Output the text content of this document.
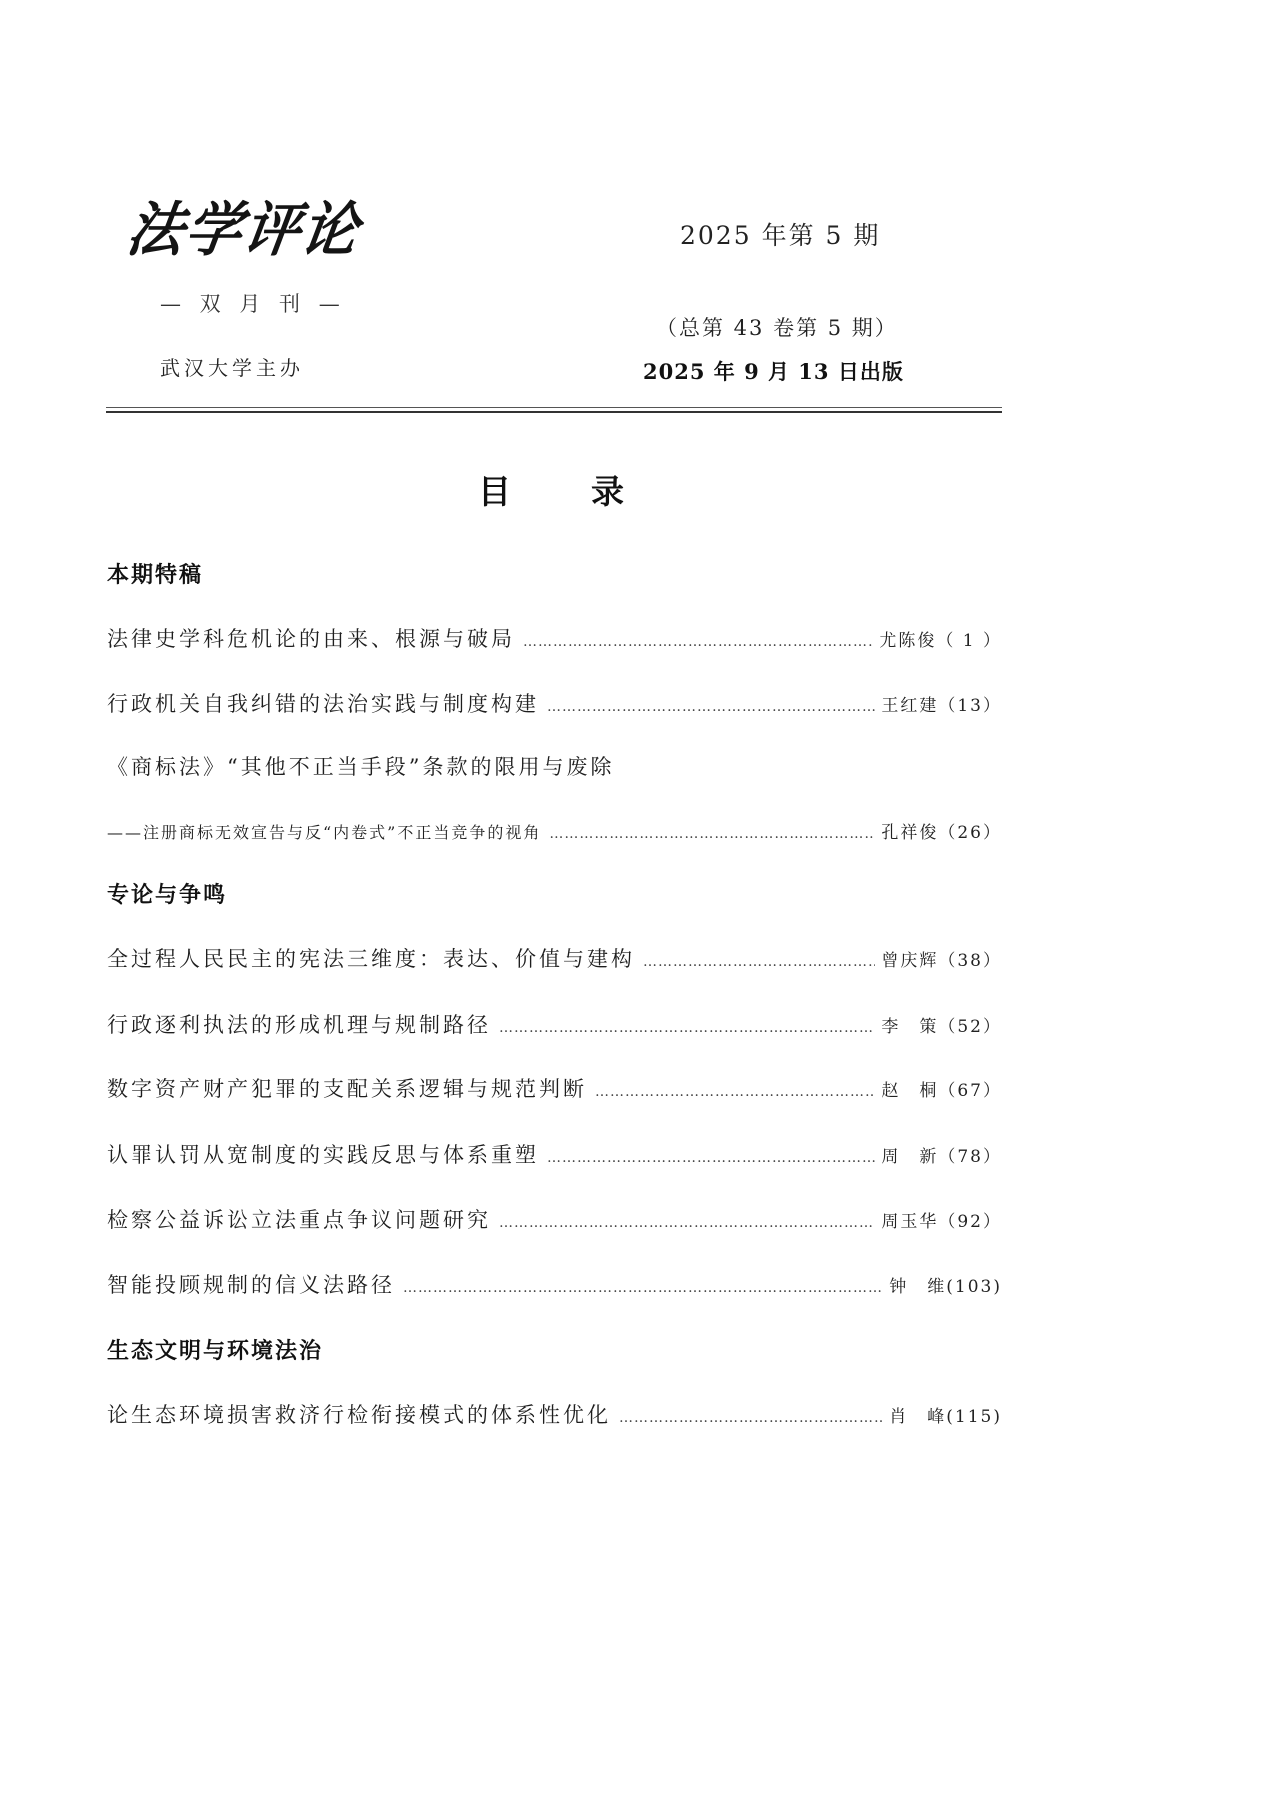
法学评论
— 双 月 刊 —
武汉大学主办
2025 年第 5 期
（总第 43 卷第 5 期）
2025 年 9 月 13 日出版
目录
本期特稿
法律史学科危机论的由来、根源与破局 ……………………………………………………………………………………………………………………………………………………………………………………………………………………	尤陈俊 （ 1 ）
行政机关自我纠错的法治实践与制度构建 ……………………………………………………………………………………………………………………………………………………………………………………………………………………	王红建 （13）
《商标法》“其他不正当手段”条款的限用与废除
——注册商标无效宣告与反“内卷式”不正当竞争的视角 ……………………………………………………………………………………………………………………………………………………………………………………………………………………	孔祥俊 （26）
专论与争鸣
全过程人民民主的宪法三维度：表达、价值与建构 ……………………………………………………………………………………………………………………………………………………………………………………………………………………	曾庆辉 （38）
行政逐利执法的形成机理与规制路径 ……………………………………………………………………………………………………………………………………………………………………………………………………………………	李　策 （52）
数字资产财产犯罪的支配关系逻辑与规范判断 ……………………………………………………………………………………………………………………………………………………………………………………………………………………	赵　桐 （67）
认罪认罚从宽制度的实践反思与体系重塑 ……………………………………………………………………………………………………………………………………………………………………………………………………………………	周　新 （78）
检察公益诉讼立法重点争议问题研究 ……………………………………………………………………………………………………………………………………………………………………………………………………………………	周玉华 （92）
智能投顾规制的信义法路径 ……………………………………………………………………………………………………………………………………………………………………………………………………………………	钟　维 (103)
生态文明与环境法治
论生态环境损害救济行检衔接模式的体系性优化 ……………………………………………………………………………………………………………………………………………………………………………………………………………………	肖　峰 (115)
